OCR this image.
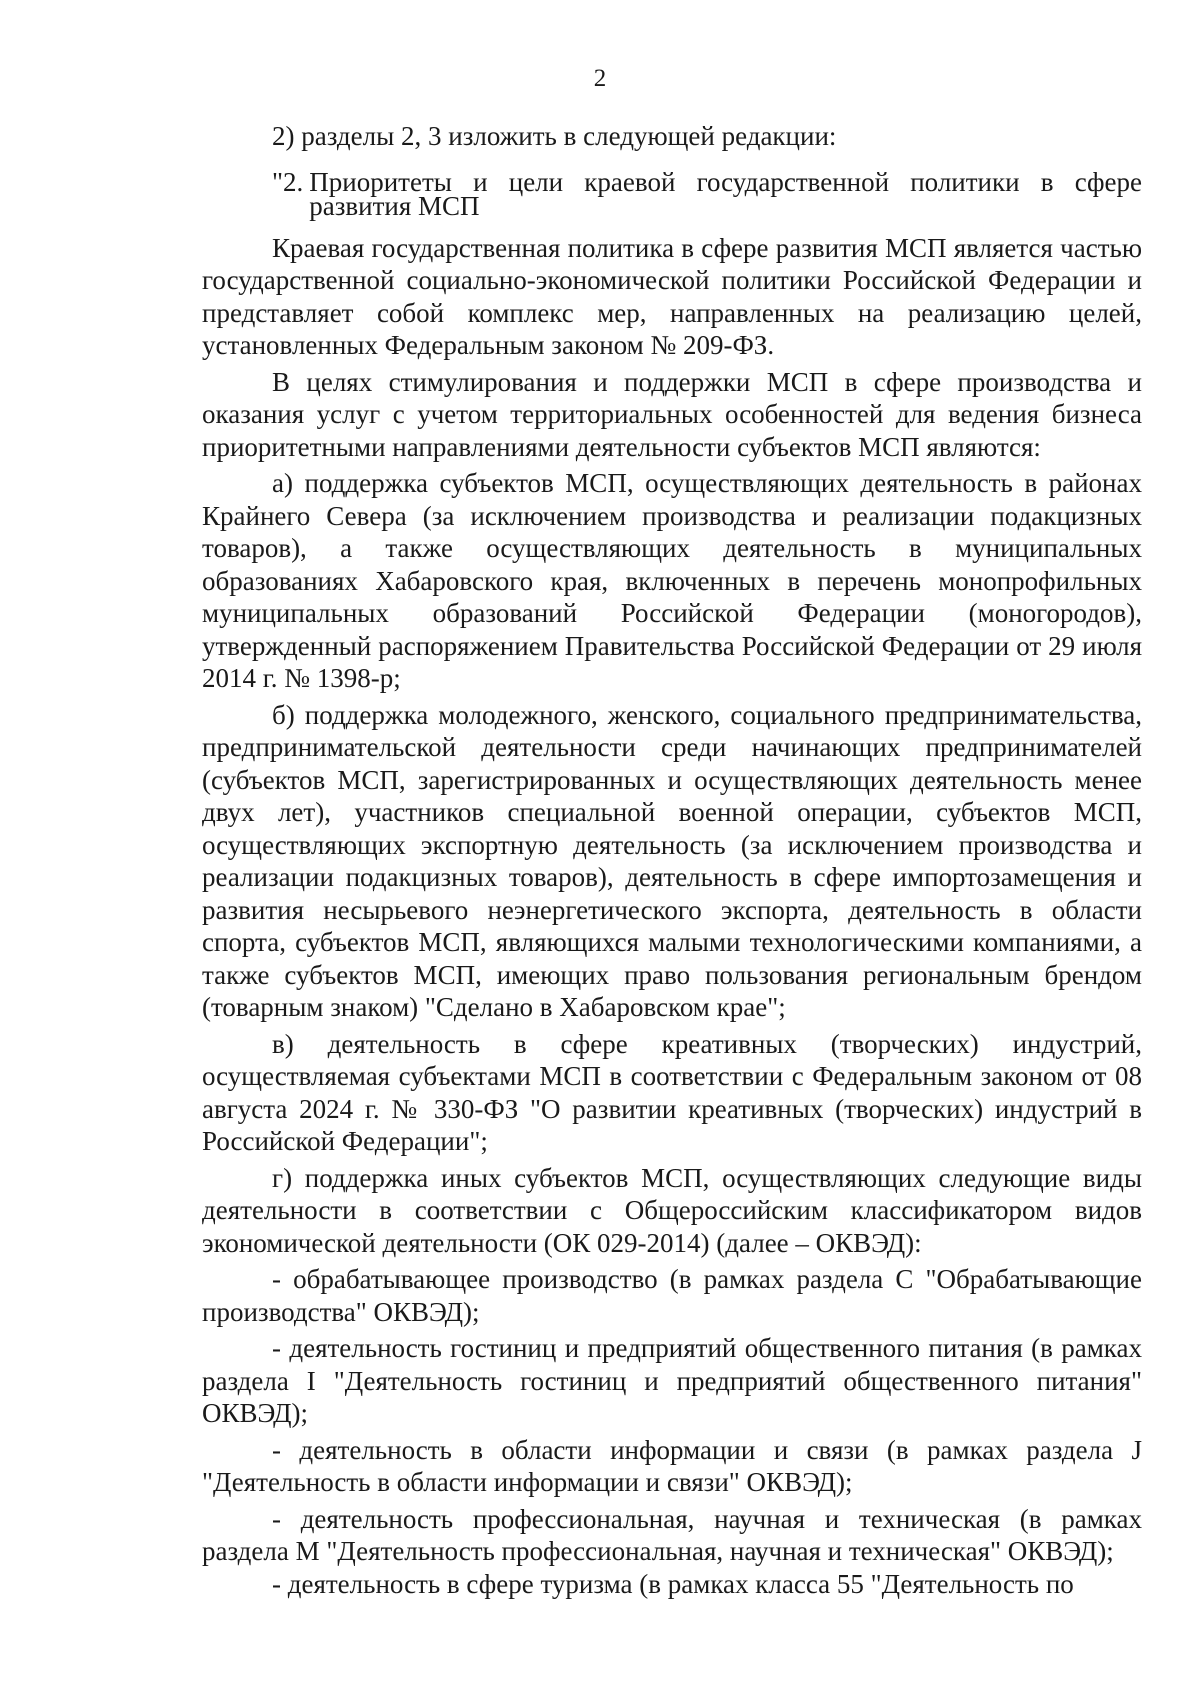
2

2) разделы 2, 3 изложить в следующей редакции:

"2. Приоритеты и цели краевой государственной политики в сфере развития МСП

Краевая государственная политика в сфере развития МСП является частью государственной социально-экономической политики Российской Федерации и представляет собой комплекс мер, направленных на реализацию целей, установленных Федеральным законом № 209-ФЗ.

В целях стимулирования и поддержки МСП в сфере производства и оказания услуг с учетом территориальных особенностей для ведения бизнеса приоритетными направлениями деятельности субъектов МСП являются:

а) поддержка субъектов МСП, осуществляющих деятельность в районах Крайнего Севера (за исключением производства и реализации подакцизных товаров), а также осуществляющих деятельность в муниципальных образованиях Хабаровского края, включенных в перечень монопрофильных муниципальных образований Российской Федерации (моногородов), утвержденный распоряжением Правительства Российской Федерации от 29 июля 2014 г. № 1398-р;

б) поддержка молодежного, женского, социального предпринимательства, предпринимательской деятельности среди начинающих предпринимателей (субъектов МСП, зарегистрированных и осуществляющих деятельность менее двух лет), участников специальной военной операции, субъектов МСП, осуществляющих экспортную деятельность (за исключением производства и реализации подакцизных товаров), деятельность в сфере импортозамещения и развития несырьевого неэнергетического экспорта, деятельность в области спорта, субъектов МСП, являющихся малыми технологическими компаниями, а также субъектов МСП, имеющих право пользования региональным брендом (товарным знаком) "Сделано в Хабаровском крае";

в) деятельность в сфере креативных (творческих) индустрий, осуществляемая субъектами МСП в соответствии с Федеральным законом от 08 августа 2024 г. № 330-ФЗ "О развитии креативных (творческих) индустрий в Российской Федерации";

г) поддержка иных субъектов МСП, осуществляющих следующие виды деятельности в соответствии с Общероссийским классификатором видов экономической деятельности (ОК 029-2014) (далее – ОКВЭД):

- обрабатывающее производство (в рамках раздела C "Обрабатывающие производства" ОКВЭД);

- деятельность гостиниц и предприятий общественного питания (в рамках раздела I "Деятельность гостиниц и предприятий общественного питания" ОКВЭД);

- деятельность в области информации и связи (в рамках раздела J "Деятельность в области информации и связи" ОКВЭД);

- деятельность профессиональная, научная и техническая (в рамках раздела M "Деятельность профессиональная, научная и техническая" ОКВЭД);

- деятельность в сфере туризма (в рамках класса 55 "Деятельность по
